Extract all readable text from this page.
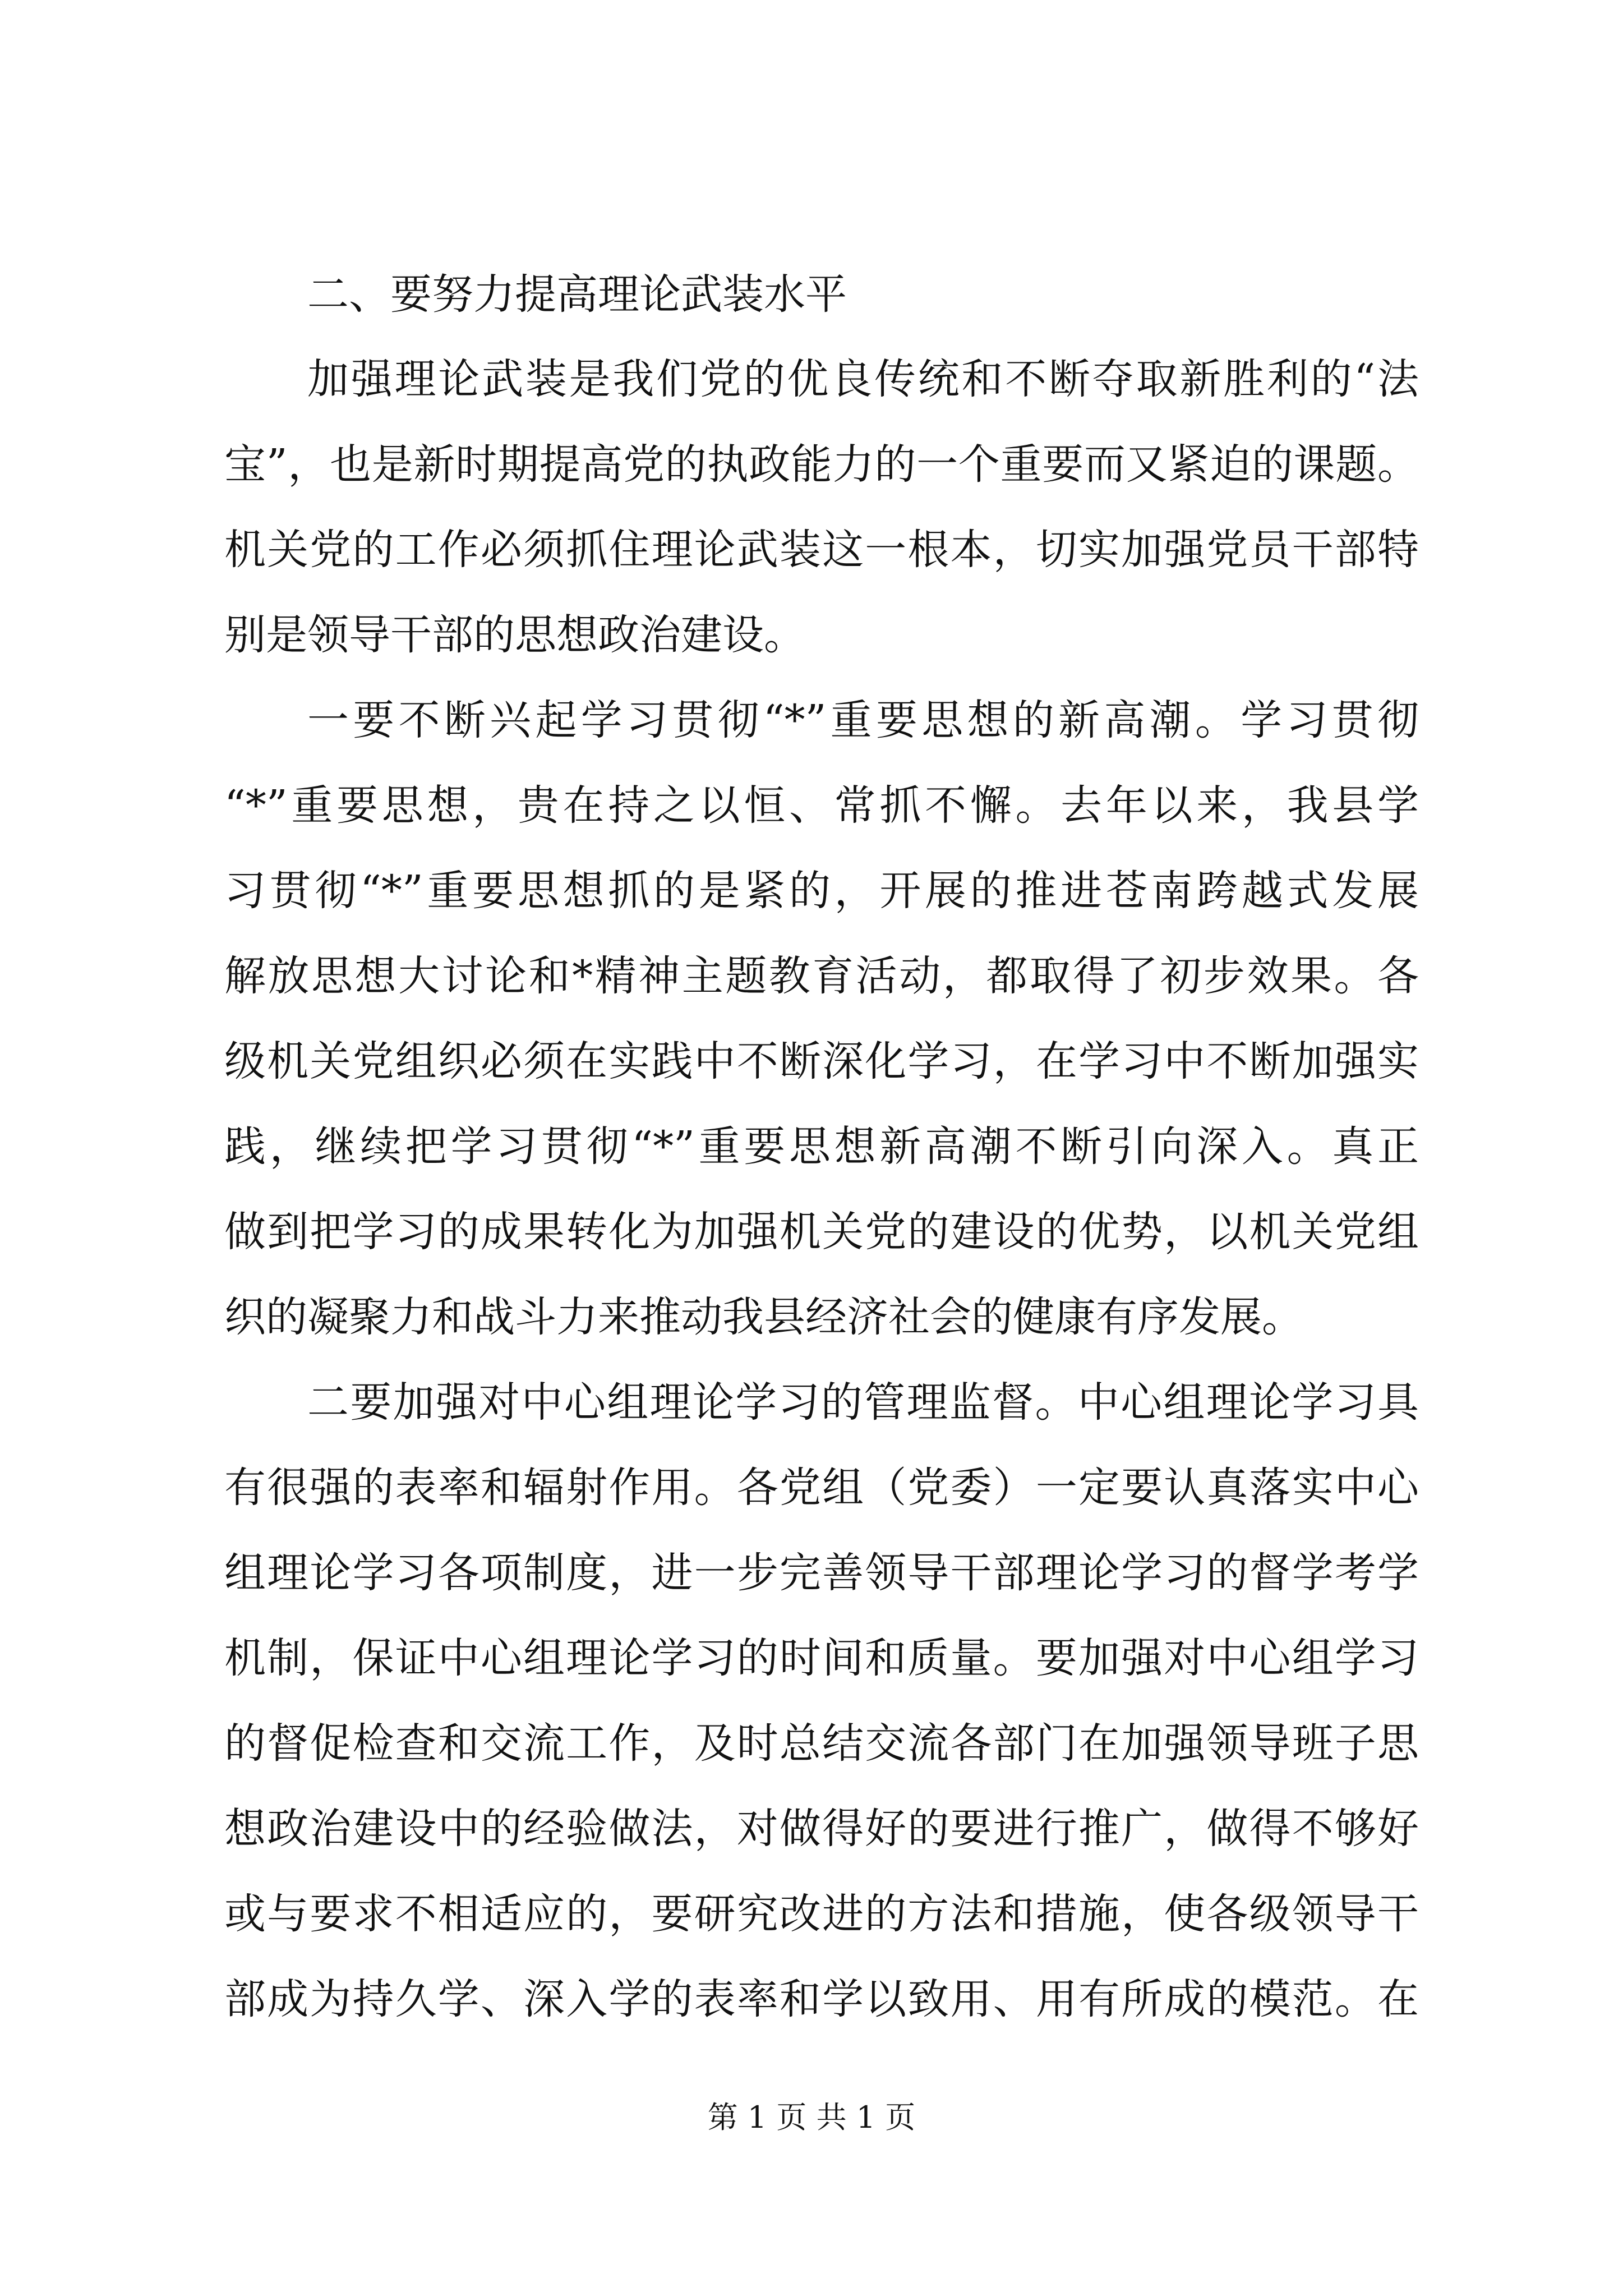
二、要努力提高理论武装水平

加强理论武装是我们党的优良传统和不断夺取新胜利的“法
宝”，也是新时期提高党的执政能力的一个重要而又紧迫的课题。
机关党的工作必须抓住理论武装这一根本，切实加强党员干部特
别是领导干部的思想政治建设。

一要不断兴起学习贯彻“*”重要思想的新高潮。学习贯彻
“*”重要思想，贵在持之以恒、常抓不懈。去年以来，我县学
习贯彻“*”重要思想抓的是紧的，开展的推进苍南跨越式发展
解放思想大讨论和*精神主题教育活动，都取得了初步效果。各
级机关党组织必须在实践中不断深化学习，在学习中不断加强实
践，继续把学习贯彻“*”重要思想新高潮不断引向深入。真正
做到把学习的成果转化为加强机关党的建设的优势，以机关党组
织的凝聚力和战斗力来推动我县经济社会的健康有序发展。

二要加强对中心组理论学习的管理监督。中心组理论学习具
有很强的表率和辐射作用。各党组（党委）一定要认真落实中心
组理论学习各项制度，进一步完善领导干部理论学习的督学考学
机制，保证中心组理论学习的时间和质量。要加强对中心组学习
的督促检查和交流工作，及时总结交流各部门在加强领导班子思
想政治建设中的经验做法，对做得好的要进行推广，做得不够好
或与要求不相适应的，要研究改进的方法和措施，使各级领导干
部成为持久学、深入学的表率和学以致用、用有所成的模范。在

第 1 页 共 1 页
